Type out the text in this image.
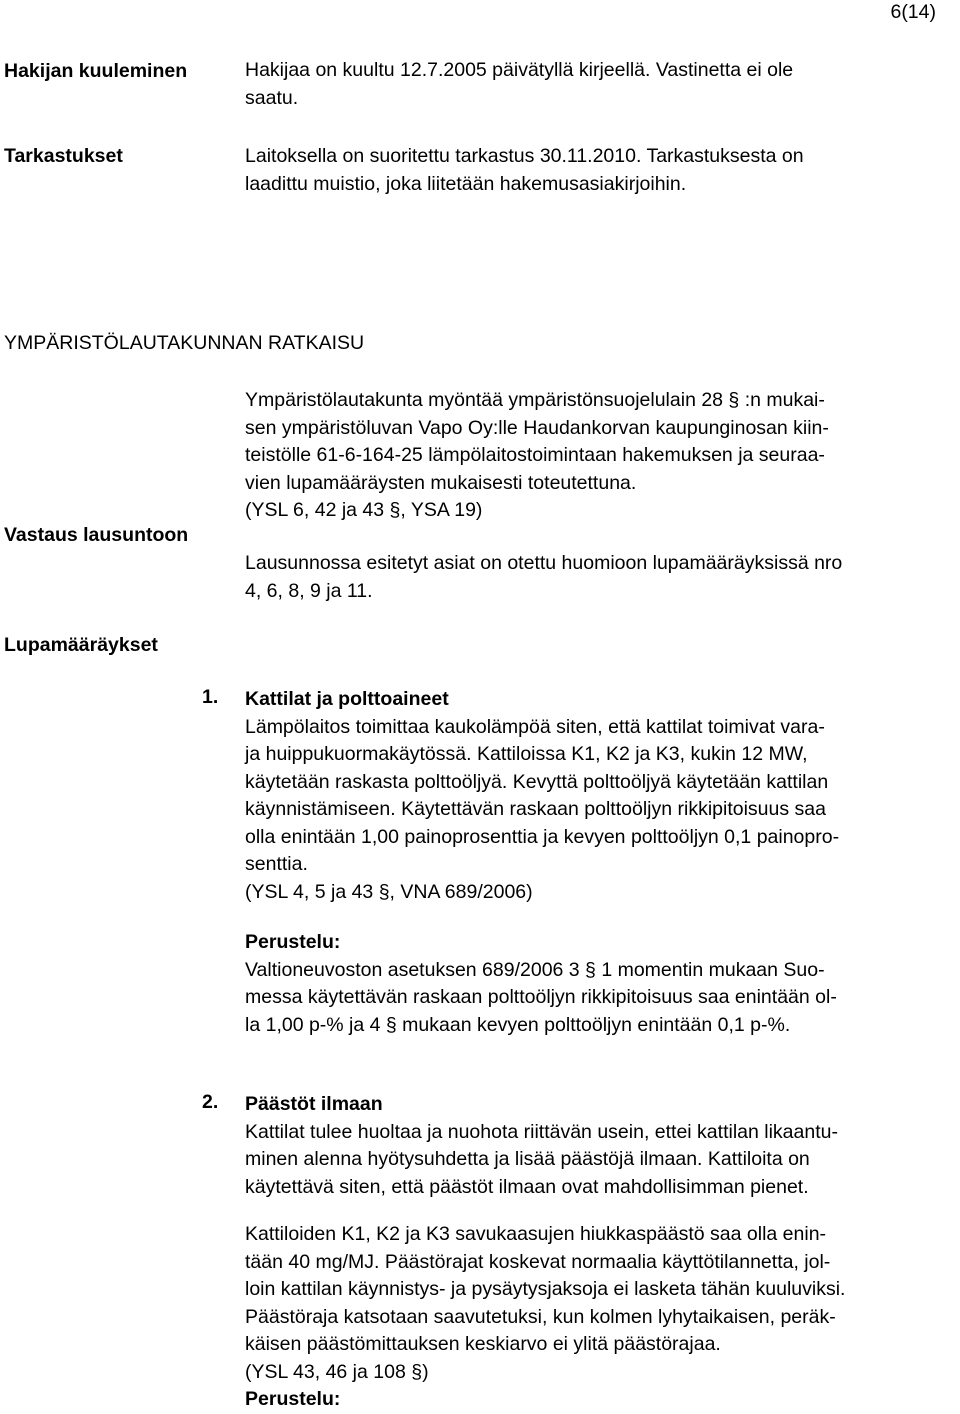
6(14)
Hakijan kuuleminen	Hakijaa on kuultu 12.7.2005 päivätyllä kirjeellä. Vastinetta ei ole
saatu.
Tarkastukset	Laitoksella on suoritettu tarkastus 30.11.2010. Tarkastuksesta on
laadittu muistio, joka liitetään hakemusasiakirjoihin.
YMPÄRISTÖLAUTAKUNNAN RATKAISU
Ympäristölautakunta myöntää ympäristönsuojelulain 28 § :n mukai-
sen ympäristöluvan Vapo Oy:lle Haudankorvan kaupunginosan kiin-
teistölle 61-6-164-25 lämpölaitostoimintaan hakemuksen ja seuraa-
vien lupamääräysten mukaisesti toteutettuna.
(YSL 6, 42 ja 43 §, YSA 19)
Vastaus lausuntoon
Lausunnossa esitetyt asiat on otettu huomioon lupamääräyksissä nro
4, 6, 8, 9 ja 11.
Lupamääräykset
1. Kattilat ja polttoaineet
Lämpölaitos toimittaa kaukolämpöä siten, että kattilat toimivat vara-
ja huippukuormakäytössä. Kattiloissa K1, K2 ja K3, kukin 12 MW,
käytetään raskasta polttoöljyä. Kevyttä polttoöljyä käytetään kattilan
käynnistämiseen. Käytettävän raskaan polttoöljyn rikkipitoisuus saa
olla enintään 1,00 painoprosenttia ja kevyen polttoöljyn 0,1 painopro-
senttia.
(YSL 4, 5 ja 43 §, VNA 689/2006)
Perustelu:
Valtioneuvoston asetuksen 689/2006 3 § 1 momentin mukaan Suo-
messa käytettävän raskaan polttoöljyn rikkipitoisuus saa enintään ol-
la 1,00 p-% ja 4 § mukaan kevyen polttoöljyn enintään 0,1 p-%.
2. Päästöt ilmaan
Kattilat tulee huoltaa ja nuohota riittävän usein, ettei kattilan likaantu-
minen alenna hyötysuhdetta ja lisää päästöjä ilmaan. Kattiloita on
käytettävä siten, että päästöt ilmaan ovat mahdollisimman pienet.
Kattiloiden K1, K2 ja K3 savukaasujen hiukkaspäästö saa olla enin-
tään 40 mg/MJ. Päästörajat koskevat normaalia käyttötilannetta, jol-
loin kattilan käynnistys- ja pysäytysjaksoja ei lasketa tähän kuuluviksi.
Päästöraja katsotaan saavutetuksi, kun kolmen lyhytaikaisen, peräk-
käisen päästömittauksen keskiarvo ei ylitä päästörajaa.
(YSL 43, 46 ja 108 §)
Perustelu:
